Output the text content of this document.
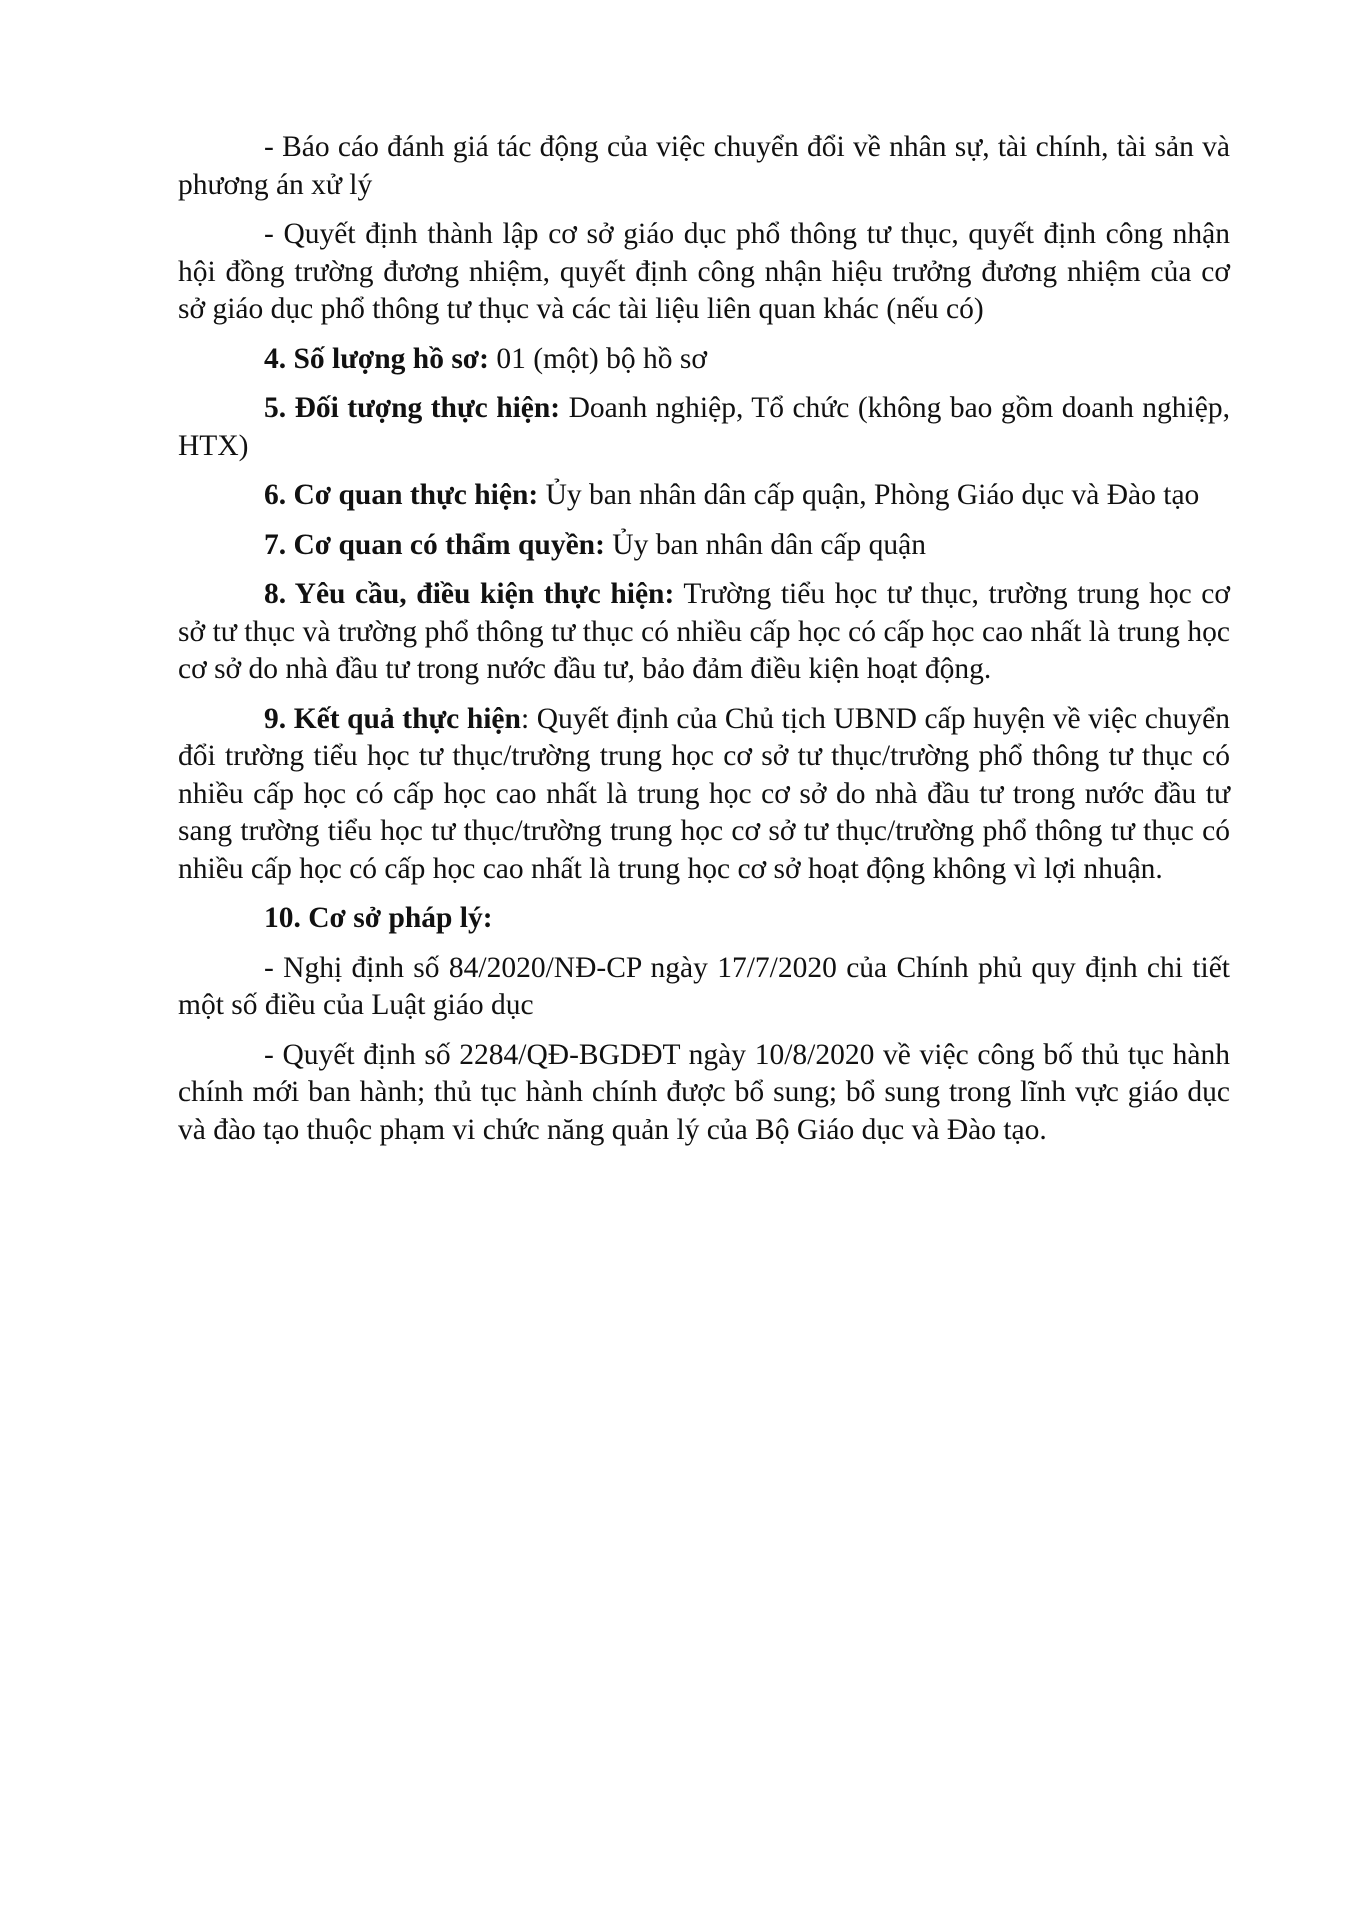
- Báo cáo đánh giá tác động của việc chuyển đổi về nhân sự, tài chính, tài sản và phương án xử lý

- Quyết định thành lập cơ sở giáo dục phổ thông tư thục, quyết định công nhận hội đồng trường đương nhiệm, quyết định công nhận hiệu trưởng đương nhiệm của cơ sở giáo dục phổ thông tư thục và các tài liệu liên quan khác (nếu có)

4. Số lượng hồ sơ: 01 (một) bộ hồ sơ

5. Đối tượng thực hiện: Doanh nghiệp, Tổ chức (không bao gồm doanh nghiệp, HTX)

6. Cơ quan thực hiện: Ủy ban nhân dân cấp quận, Phòng Giáo dục và Đào tạo

7. Cơ quan có thẩm quyền: Ủy ban nhân dân cấp quận

8. Yêu cầu, điều kiện thực hiện: Trường tiểu học tư thục, trường trung học cơ sở tư thục và trường phổ thông tư thục có nhiều cấp học có cấp học cao nhất là trung học cơ sở do nhà đầu tư trong nước đầu tư, bảo đảm điều kiện hoạt động.

9. Kết quả thực hiện: Quyết định của Chủ tịch UBND cấp huyện về việc chuyển đổi trường tiểu học tư thục/trường trung học cơ sở tư thục/trường phổ thông tư thục có nhiều cấp học có cấp học cao nhất là trung học cơ sở do nhà đầu tư trong nước đầu tư sang trường tiểu học tư thục/trường trung học cơ sở tư thục/trường phổ thông tư thục có nhiều cấp học có cấp học cao nhất là trung học cơ sở hoạt động không vì lợi nhuận.

10. Cơ sở pháp lý:

- Nghị định số 84/2020/NĐ-CP ngày 17/7/2020 của Chính phủ quy định chi tiết một số điều của Luật giáo dục

- Quyết định số 2284/QĐ-BGDĐT ngày 10/8/2020 về việc công bố thủ tục hành chính mới ban hành; thủ tục hành chính được bổ sung; bổ sung trong lĩnh vực giáo dục và đào tạo thuộc phạm vi chức năng quản lý của Bộ Giáo dục và Đào tạo.
